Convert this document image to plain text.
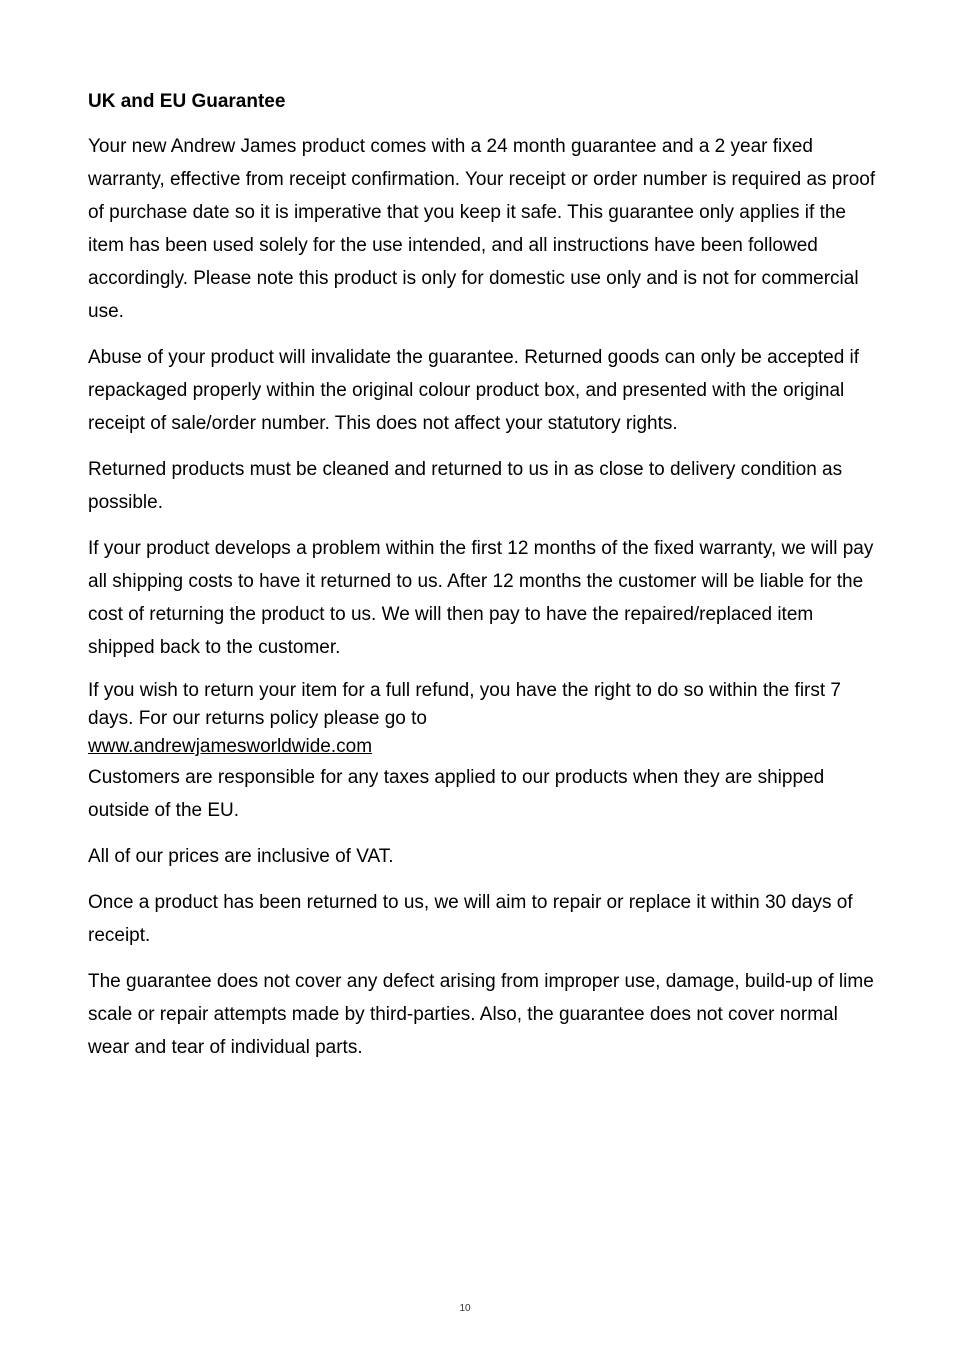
UK and EU Guarantee

Your new Andrew James product comes with a 24 month guarantee and a 2 year fixed warranty, effective from receipt confirmation. Your receipt or order number is required as proof of purchase date so it is imperative that you keep it safe. This guarantee only applies if the item has been used solely for the use intended, and all instructions have been followed accordingly. Please note this product is only for domestic use only and is not for commercial use.

Abuse of your product will invalidate the guarantee. Returned goods can only be accepted if repackaged properly within the original colour product box, and presented with the original receipt of sale/order number. This does not affect your statutory rights.

Returned products must be cleaned and returned to us in as close to delivery condition as possible.

If your product develops a problem within the first 12 months of the fixed warranty, we will pay all shipping costs to have it returned to us. After 12 months the customer will be liable for the cost of returning the product to us. We will then pay to have the repaired/replaced item shipped back to the customer.

If you wish to return your item for a full refund, you have the right to do so within the first 7 days. For our returns policy please go to

www.andrewjamesworldwide.com

Customers are responsible for any taxes applied to our products when they are shipped outside of the EU.

All of our prices are inclusive of VAT.

Once a product has been returned to us, we will aim to repair or replace it within 30 days of receipt.

The guarantee does not cover any defect arising from improper use, damage, build-up of lime scale or repair attempts made by third-parties. Also, the guarantee does not cover normal wear and tear of individual parts.

10
